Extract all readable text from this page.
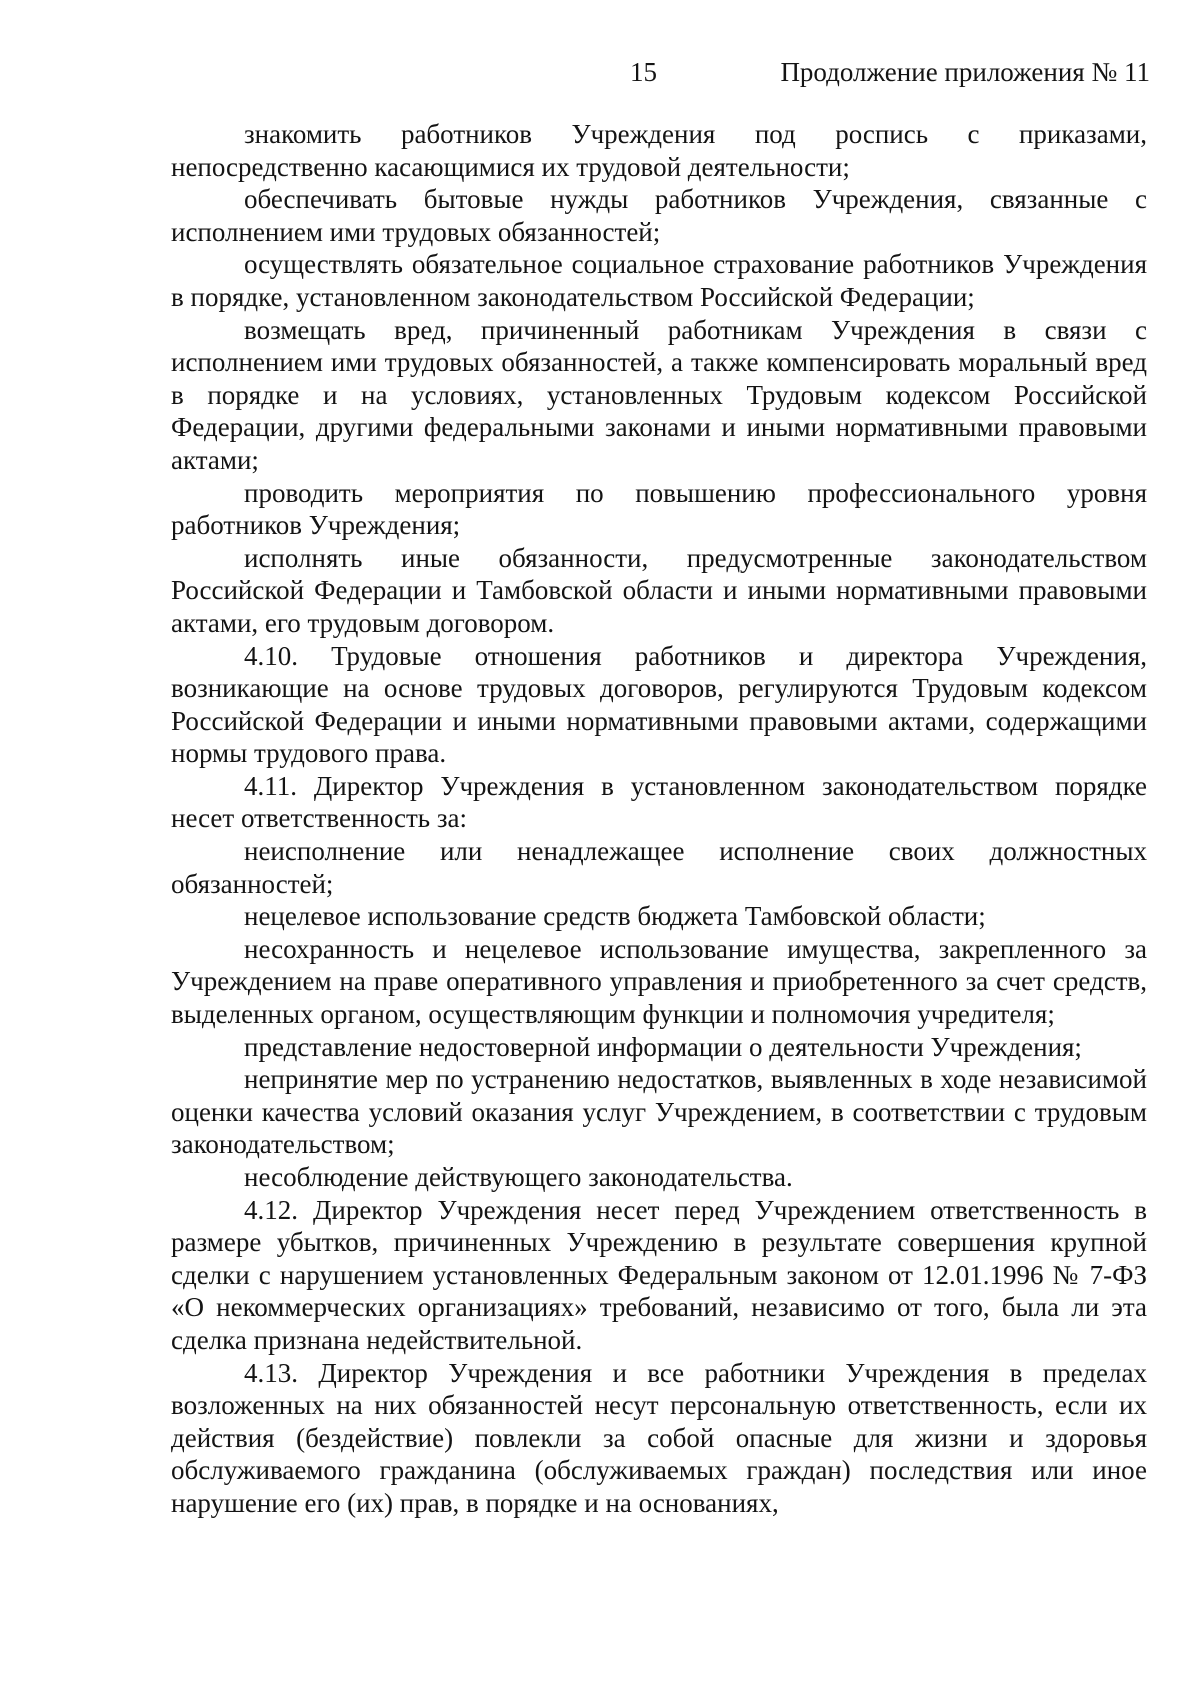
15	Продолжение приложения № 11

знакомить работников Учреждения под роспись с приказами, непосредственно касающимися их трудовой деятельности;

обеспечивать бытовые нужды работников Учреждения, связанные с исполнением ими трудовых обязанностей;

осуществлять обязательное социальное страхование работников Учреждения в порядке, установленном законодательством Российской Федерации;

возмещать вред, причиненный работникам Учреждения в связи с исполнением ими трудовых обязанностей, а также компенсировать моральный вред в порядке и на условиях, установленных Трудовым кодексом Российской Федерации, другими федеральными законами и иными нормативными правовыми актами;

проводить мероприятия по повышению профессионального уровня работников Учреждения;

исполнять иные обязанности, предусмотренные законодательством Российской Федерации и Тамбовской области и иными нормативными правовыми актами, его трудовым договором.

4.10. Трудовые отношения работников и директора Учреждения, возникающие на основе трудовых договоров, регулируются Трудовым кодексом Российской Федерации и иными нормативными правовыми актами, содержащими нормы трудового права.

4.11. Директор Учреждения в установленном законодательством порядке несет ответственность за:

неисполнение или ненадлежащее исполнение своих должностных обязанностей;

нецелевое использование средств бюджета Тамбовской области;

несохранность и нецелевое использование имущества, закрепленного за Учреждением на праве оперативного управления и приобретенного за счет средств, выделенных органом, осуществляющим функции и полномочия учредителя;

представление недостоверной информации о деятельности Учреждения;

непринятие мер по устранению недостатков, выявленных в ходе независимой оценки качества условий оказания услуг Учреждением, в соответствии с трудовым законодательством;

несоблюдение действующего законодательства.

4.12. Директор Учреждения несет перед Учреждением ответственность в размере убытков, причиненных Учреждению в результате совершения крупной сделки с нарушением установленных Федеральным законом от 12.01.1996 № 7-ФЗ «О некоммерческих организациях» требований, независимо от того, была ли эта сделка признана недействительной.

4.13. Директор Учреждения и все работники Учреждения в пределах возложенных на них обязанностей несут персональную ответственность, если их действия (бездействие) повлекли за собой опасные для жизни и здоровья обслуживаемого гражданина (обслуживаемых граждан) последствия или иное нарушение его (их) прав, в порядке и на основаниях,
